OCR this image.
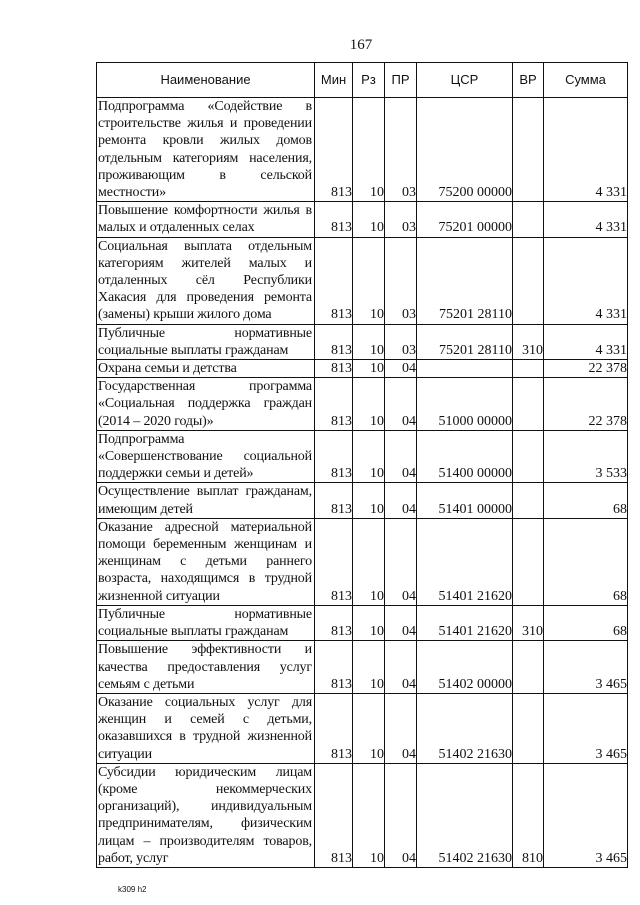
167
Наименование	Мин	Рз	ПР	ЦСР	ВР	Сумма
Подпрограмма «Содействие в строительстве жилья и проведении ремонта кровли жилых домов отдельным категориям населения, проживающим в сельской местности»	813	10	03	75200 00000		4 331
Повышение комфортности жилья в малых и отдаленных селах	813	10	03	75201 00000		4 331
Социальная выплата отдельным категориям жителей малых и отдаленных сёл Республики Хакасия для проведения ремонта (замены) крыши жилого дома	813	10	03	75201 28110		4 331
Публичные нормативные социальные выплаты гражданам	813	10	03	75201 28110	310	4 331
Охрана семьи и детства	813	10	04			22 378
Государственная программа «Социальная поддержка граждан (2014 – 2020 годы)»	813	10	04	51000 00000		22 378
Подпрограмма «Совершенствование социальной поддержки семьи и детей»	813	10	04	51400 00000		3 533
Осуществление выплат гражданам, имеющим детей	813	10	04	51401 00000		68
Оказание адресной материальной помощи беременным женщинам и женщинам с детьми раннего возраста, находящимся в трудной жизненной ситуации	813	10	04	51401 21620		68
Публичные нормативные социальные выплаты гражданам	813	10	04	51401 21620	310	68
Повышение эффективности и качества предоставления услуг семьям с детьми	813	10	04	51402 00000		3 465
Оказание социальных услуг для женщин и семей с детьми, оказавшихся в трудной жизненной ситуации	813	10	04	51402 21630		3 465
Субсидии юридическим лицам (кроме некоммерческих организаций), индивидуальным предпринимателям, физическим лицам – производителям товаров, работ, услуг	813	10	04	51402 21630	810	3 465
k309 h2
